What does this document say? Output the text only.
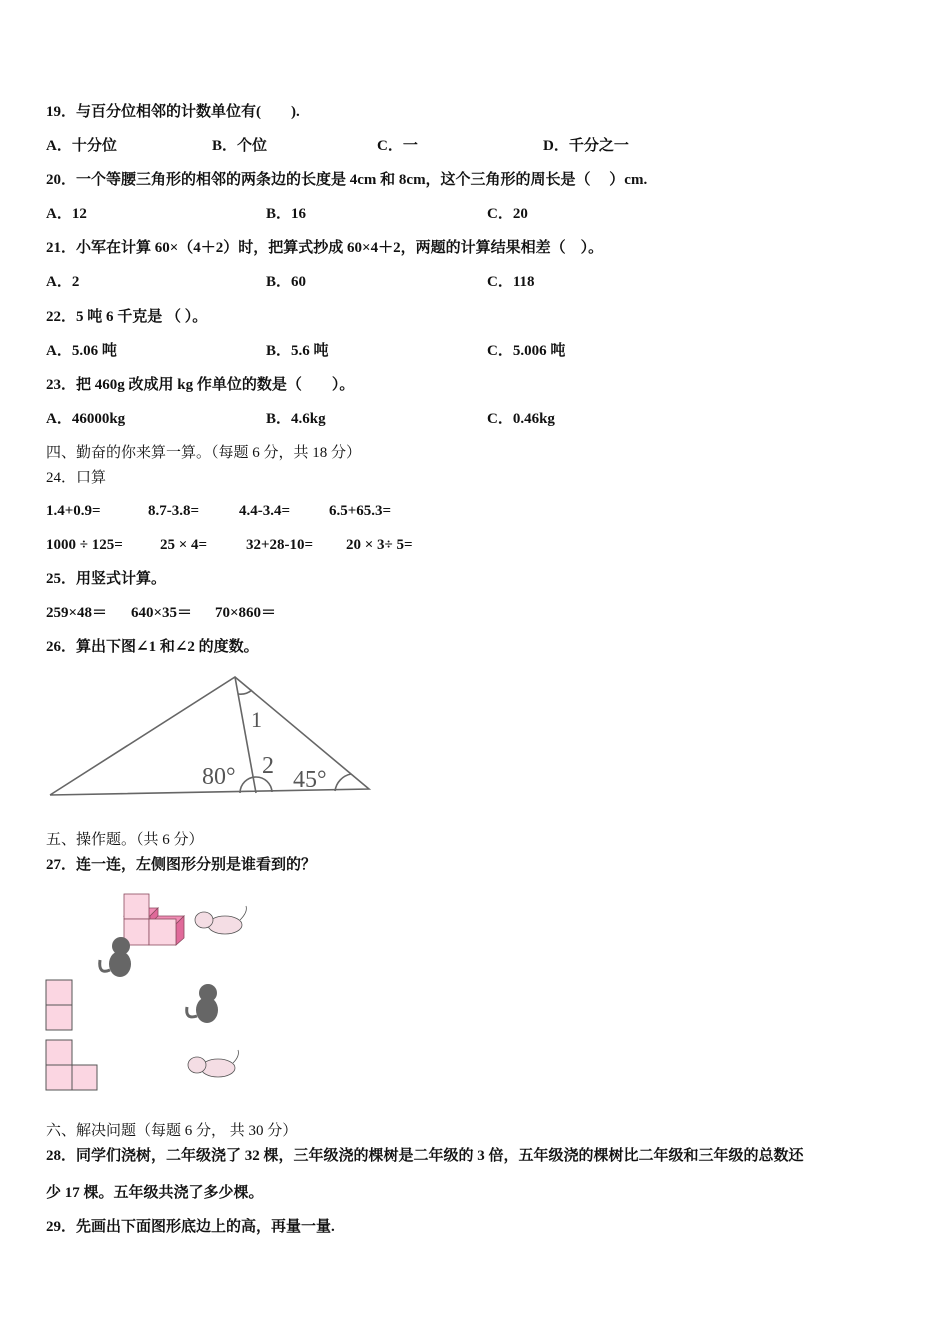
19．与百分位相邻的计数单位有(　　).
A．十分位	B．个位	C．一	D．千分之一
20．一个等腰三角形的相邻的两条边的长度是 4cm 和 8cm，这个三角形的周长是（　 ）cm.
A．12	B．16	C．20
21．小军在计算 60×（4＋2）时，把算式抄成 60×4＋2，两题的计算结果相差（　）。
A．2	B．60	C．118
22．5 吨 6 千克是 （ ）。
A．5.06 吨	B．5.6 吨	C．5.006 吨
23．把 460g 改成用 kg 作单位的数是（　　）。
A．46000kg	B．4.6kg	C．0.46kg
四、勤奋的你来算一算。（每题 6 分，共 18 分）
24．口算
1.4+0.9=	8.7-3.8=	4.4-3.4=	6.5+65.3=
1000 ÷ 125= 25 × 4=	32+28-10= 20 × 3÷ 5=
25．用竖式计算。
259×48＝ 640×35＝ 70×860＝
26．算出下图∠1 和∠2 的度数。
1
2
80° 45°
五、操作题。（共 6 分）
27．连一连，左侧图形分别是谁看到的？
六、解决问题（每题 6 分， 共 30 分）
28．同学们浇树，二年级浇了 32 棵，三年级浇的棵树是二年级的 3 倍，五年级浇的棵树比二年级和三年级的总数还
少 17 棵。五年级共浇了多少棵。
29．先画出下面图形底边上的高，再量一量.
